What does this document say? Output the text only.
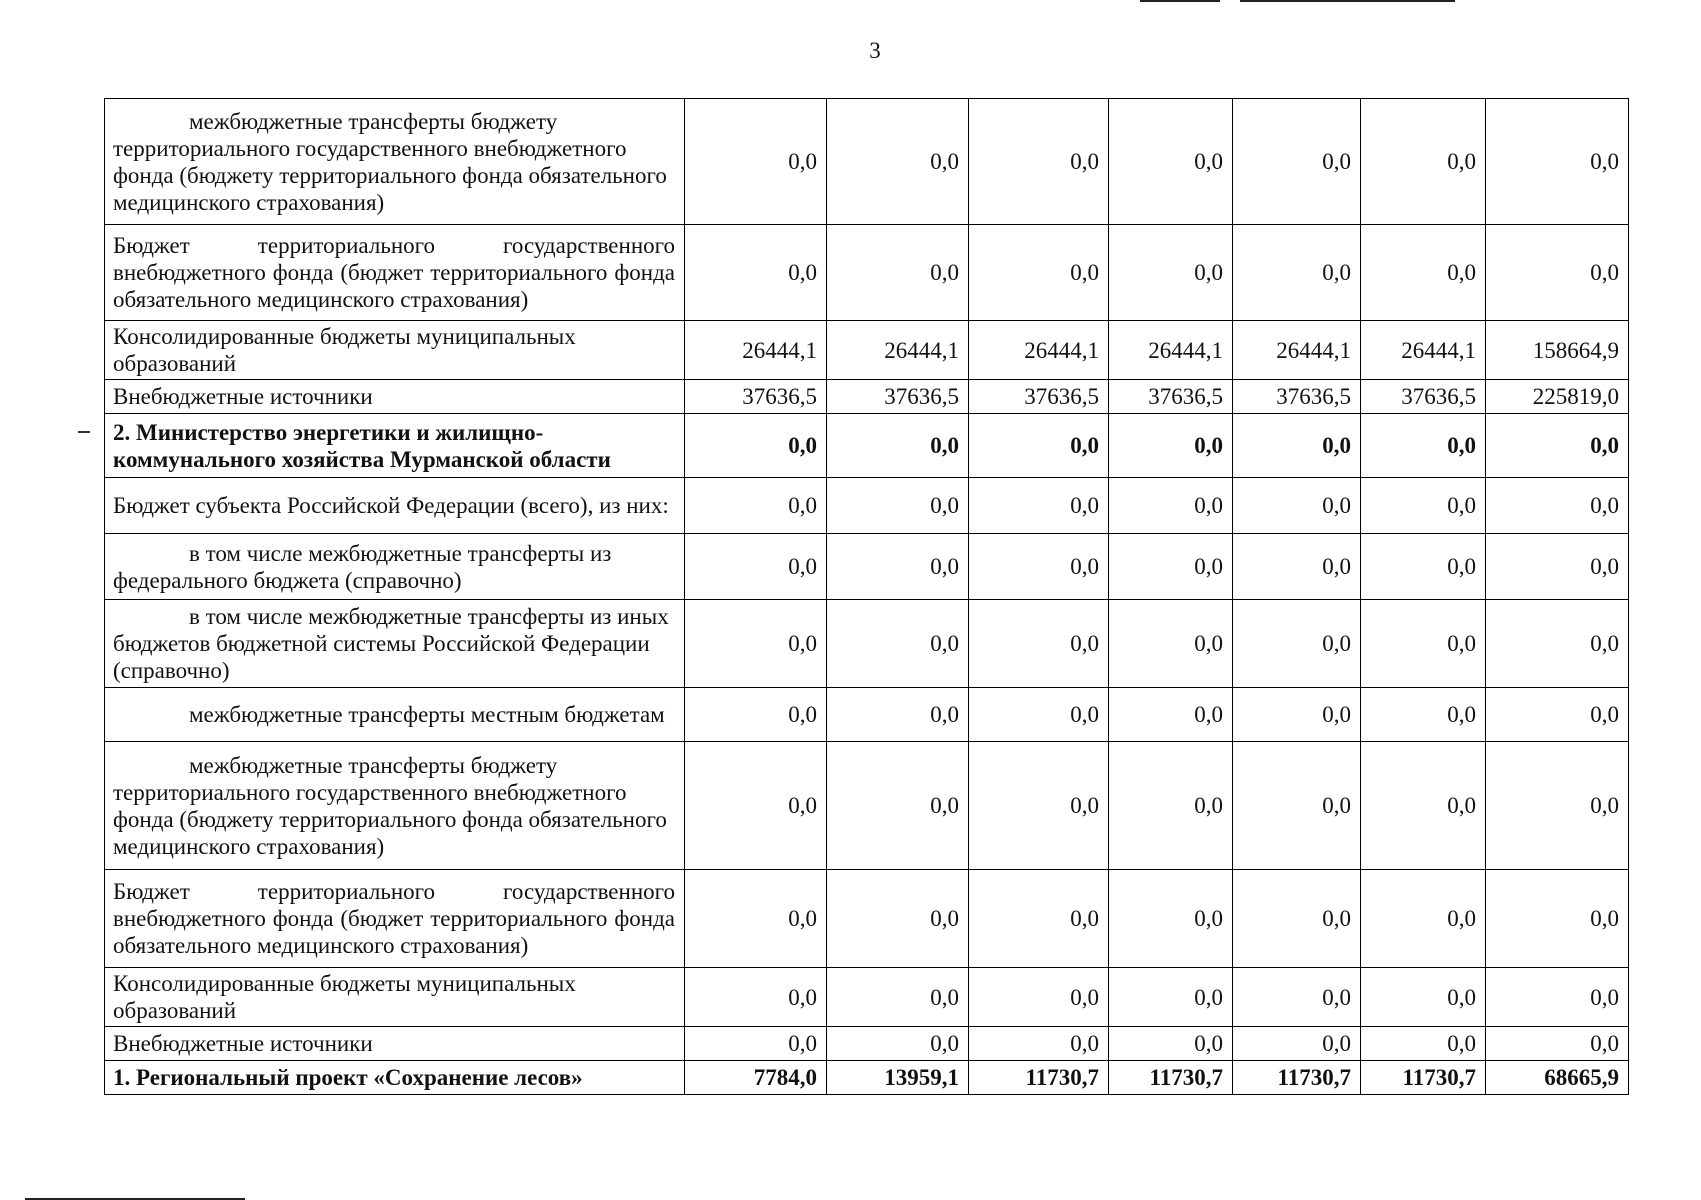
3
межбюджетные трансферты бюджету территориального государственного внебюджетного фонда (бюджету территориального фонда обязательного медицинского страхования)	0,0	0,0	0,0	0,0	0,0	0,0	0,0
Бюджет территориального государственного внебюджетного фонда (бюджет территориального фонда обязательного медицинского страхования)	0,0	0,0	0,0	0,0	0,0	0,0	0,0
Консолидированные бюджеты муниципальных образований	26444,1	26444,1	26444,1	26444,1	26444,1	26444,1	158664,9
Внебюджетные источники	37636,5	37636,5	37636,5	37636,5	37636,5	37636,5	225819,0
2. Министерство энергетики и жилищно-коммунального хозяйства Мурманской области	0,0	0,0	0,0	0,0	0,0	0,0	0,0
Бюджет субъекта Российской Федерации (всего), из них:	0,0	0,0	0,0	0,0	0,0	0,0	0,0

в том числе межбюджетные трансферты из федерального бюджета (справочно)	0,0	0,0	0,0	0,0	0,0	0,0	0,0

в том числе межбюджетные трансферты из иных бюджетов бюджетной системы Российской Федерации (справочно)	0,0	0,0	0,0	0,0	0,0	0,0	0,0

межбюджетные трансферты местным бюджетам	0,0	0,0	0,0	0,0	0,0	0,0	0,0

межбюджетные трансферты бюджету территориального государственного внебюджетного фонда (бюджету территориального фонда обязательного медицинского страхования)	0,0	0,0	0,0	0,0	0,0	0,0	0,0
Бюджет территориального государственного внебюджетного фонда (бюджет территориального фонда обязательного медицинского страхования)	0,0	0,0	0,0	0,0	0,0	0,0	0,0
Консолидированные бюджеты муниципальных образований	0,0	0,0	0,0	0,0	0,0	0,0	0,0
Внебюджетные источники	0,0	0,0	0,0	0,0	0,0	0,0	0,0
1. Региональный проект «Сохранение лесов»	7784,0	13959,1	11730,7	11730,7	11730,7	11730,7	68665,9
